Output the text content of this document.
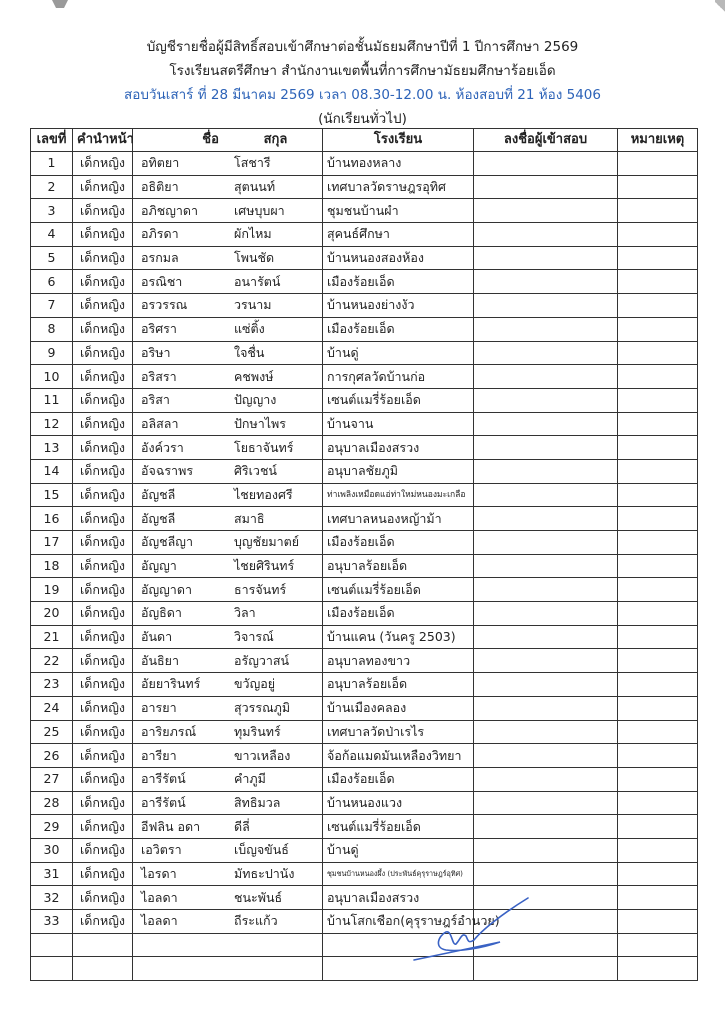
บัญชีรายชื่อผู้มีสิทธิ์สอบเข้าศึกษาต่อชั้นมัธยมศึกษาปีที่ 1 ปีการศึกษา 2569
โรงเรียนสตรีศึกษา สำนักงานเขตพื้นที่การศึกษามัธยมศึกษาร้อยเอ็ด
สอบวันเสาร์ ที่ 28 มีนาคม 2569 เวลา 08.30-12.00 น. ห้องสอบที่ 21 ห้อง 5406
(นักเรียนทั่วไป)
เลขที่	คำนำหน้า	ชื่อ สกุล	โรงเรียน	ลงชื่อผู้เข้าสอบ	หมายเหตุ
1	เด็กหญิง	อทิตยา โสชารี	บ้านทองหลาง		
2	เด็กหญิง	อธิติยา สุตนนท์	เทศบาลวัดราษฎรอุทิศ		
3	เด็กหญิง	อภิชญาดา เศษบุบผา	ชุมชนบ้านผำ		
4	เด็กหญิง	อภิรดา ผักไหม	สุคนธ์ศึกษา		
5	เด็กหญิง	อรกมล โพนชัด	บ้านหนองสองห้อง		
6	เด็กหญิง	อรณิชา อนารัตน์	เมืองร้อยเอ็ด		
7	เด็กหญิง	อรวรรณ วรนาม	บ้านหนองย่างงัว		
8	เด็กหญิง	อริศรา แซ่ติ้ง	เมืองร้อยเอ็ด		
9	เด็กหญิง	อริษา ใจชื่น	บ้านดู่		
10	เด็กหญิง	อริสรา คชพงษ์	การกุศลวัดบ้านก่อ		
11	เด็กหญิง	อริสา ปัญญาง	เซนต์แมรี่ร้อยเอ็ด		
12	เด็กหญิง	อลิสลา ปักษาไพร	บ้านจาน		
13	เด็กหญิง	อังค์วรา โยธาจันทร์	อนุบาลเมืองสรวง		
14	เด็กหญิง	อัจฉราพร ศิริเวชน์	อนุบาลชัยภูมิ		
15	เด็กหญิง	อัญชลี ไชยทองศรี	ท่าเพลิงเหมือดแอ่ท่าใหม่หนองมะเกลือ		
16	เด็กหญิง	อัญชลี สมาธิ	เทศบาลหนองหญ้าม้า		
17	เด็กหญิง	อัญชลีญา บุญชัยมาตย์	เมืองร้อยเอ็ด		
18	เด็กหญิง	อัญญา ไชยศิรินทร์	อนุบาลร้อยเอ็ด		
19	เด็กหญิง	อัญญาดา ธารจันทร์	เซนต์แมรี่ร้อยเอ็ด		
20	เด็กหญิง	อัญธิดา วิลา	เมืองร้อยเอ็ด		
21	เด็กหญิง	อันดา วิจารณ์	บ้านแคน (วันครู 2503)		
22	เด็กหญิง	อันธิยา อรัญวาสน์	อนุบาลทองขาว		
23	เด็กหญิง	อัยยารินทร์ ขวัญอยู่	อนุบาลร้อยเอ็ด		
24	เด็กหญิง	อารยา สุวรรณภูมิ	บ้านเมืองคลอง		
25	เด็กหญิง	อาริยภรณ์ ทุมรินทร์	เทศบาลวัดป่าเรไร		
26	เด็กหญิง	อารียา ขาวเหลือง	จ้อก้อแมดมันเหลืองวิทยา		
27	เด็กหญิง	อารีรัตน์ คำภูมี	เมืองร้อยเอ็ด		
28	เด็กหญิง	อารีรัตน์ สิทธิมวล	บ้านหนองแวง		
29	เด็กหญิง	อีฟลิน อดา ดีลี่	เซนต์แมรี่ร้อยเอ็ด		
30	เด็กหญิง	เอวิตรา เบ็ญจขันธ์	บ้านดู่		
31	เด็กหญิง	ไอรดา มัทธะปานัง	ชุมชนบ้านหนองผึ้ง (ประพันธ์คุรุราษฎร์อุทิศ)		
32	เด็กหญิง	ไอลดา ชนะพันธ์	อนุบาลเมืองสรวง		
33	เด็กหญิง	ไอลดา ถีระแก้ว	บ้านโสกเชือก(คุรุราษฎร์อำนวย)		
